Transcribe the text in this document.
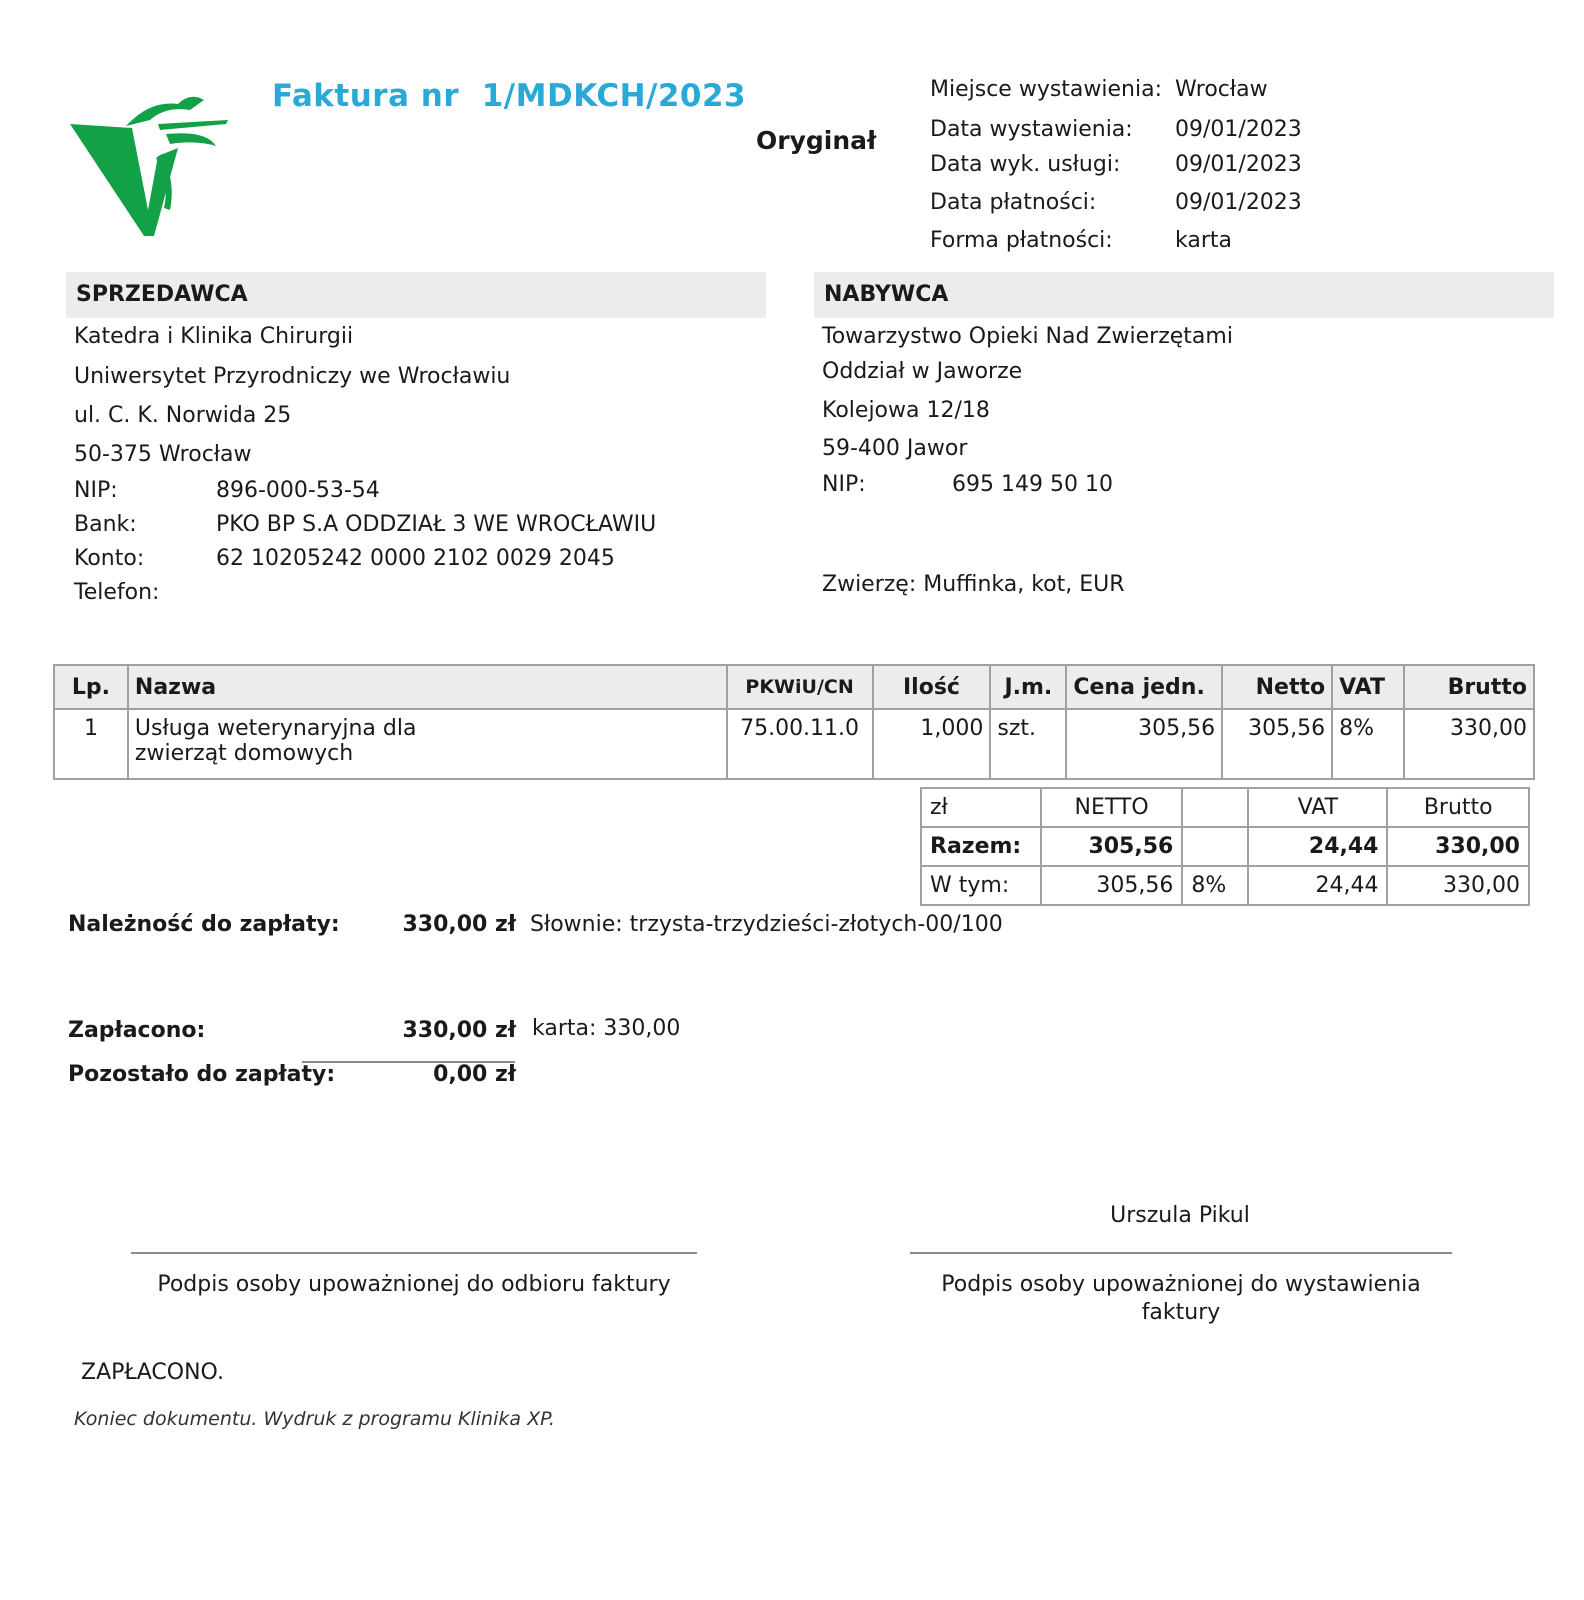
Faktura nr  1/MDKCH/2023
Oryginał
Miejsce wystawienia: Wrocław
Data wystawienia: 09/01/2023
Data wyk. usługi: 09/01/2023
Data płatności:	09/01/2023
Forma płatności:	karta
SPRZEDAWCA
Katedra i Klinika Chirurgii
Uniwersytet Przyrodniczy we Wrocławiu
ul. C. K. Norwida 25
50-375 Wrocław
NIP:	896-000-53-54
Bank:	PKO BP S.A ODDZIAŁ 3 WE WROCŁAWIU
Konto:	62 10205242 0000 2102 0029 2045
Telefon:
NABYWCA
Towarzystwo Opieki Nad Zwierzętami
Oddział w Jaworze
Kolejowa 12/18
59-400 Jawor
NIP:	695 149 50 10
Zwierzę: Muffinka, kot, EUR
Lp.	Nazwa	PKWiU/CN	Ilość	J.m.	Cena jedn.	Netto	VAT	Brutto
1	Usługa weterynaryjna dla
zwierząt domowych	75.00.11.0	1,000	szt.	305,56	305,56	8%	330,00
zł	NETTO		VAT	Brutto
Razem:	305,56		24,44	330,00
W tym:	305,56	8%	24,44	330,00
Należność do zapłaty:	330,00 zł Słownie: trzysta-trzydzieści-złotych-00/100
Zapłacono:	330,00 zł karta: 330,00
Pozostało do zapłaty:	0,00 zł
Urszula Pikul
Podpis osoby upoważnionej do odbioru faktury	Podpis osoby upoważnionej do wystawienia
faktury
ZAPŁACONO.
Koniec dokumentu. Wydruk z programu Klinika XP.
